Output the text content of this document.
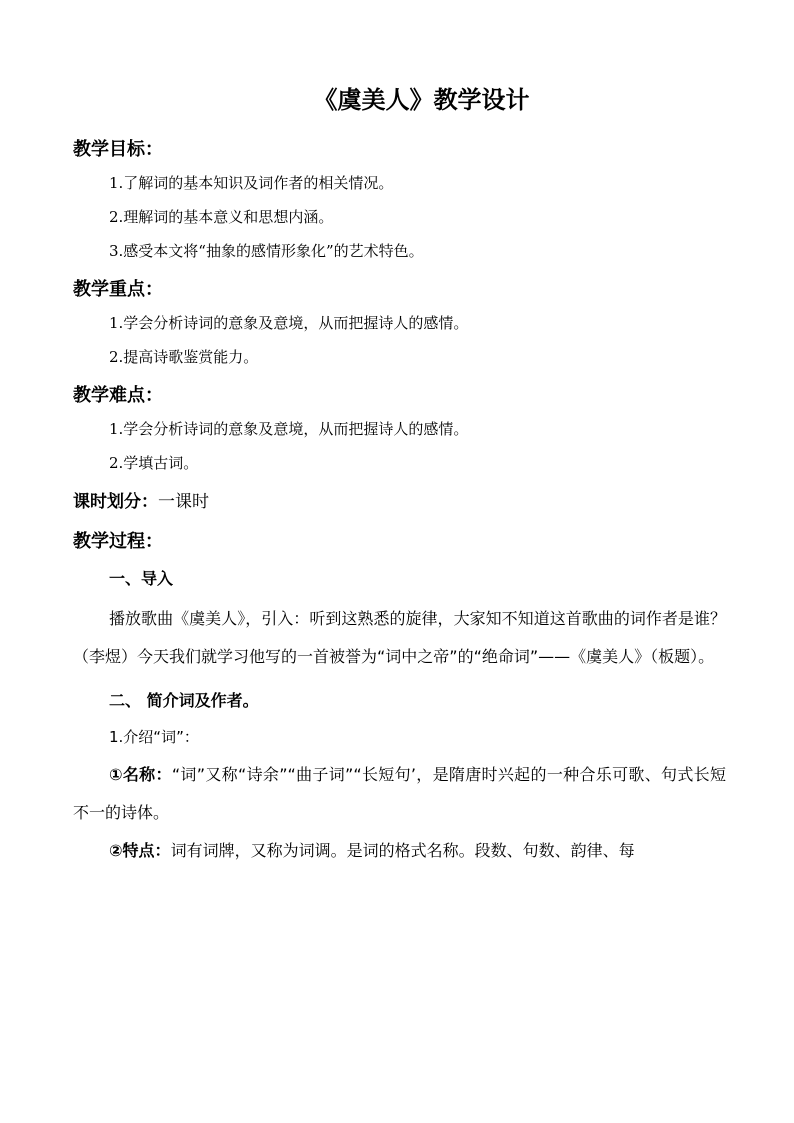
《虞美人》教学设计
教学目标：
1.了解词的基本知识及词作者的相关情况。
2.理解词的基本意义和思想内涵。
3.感受本文将“抽象的感情形象化”的艺术特色。
教学重点：
1.学会分析诗词的意象及意境，从而把握诗人的感情。
2.提高诗歌鉴赏能力。
教学难点：
1.学会分析诗词的意象及意境，从而把握诗人的感情。
2.学填古词。
课时划分：一课时
教学过程：
一、导入

播放歌曲《虞美人》，引入：听到这熟悉的旋律，大家知不知道这首歌曲的词作者是谁？（李煜）今天我们就学习他写的一首被誉为“词中之帝”的“绝命词”——《虞美人》（板题）。

二、 简介词及作者。
1.介绍“词”：

①名称：“词”又称“诗余”“曲子词”“长短句’，是隋唐时兴起的一种合乐可歌、句式长短不一的诗体。

②特点：词有词牌，又称为词调。是词的格式名称。段数、句数、韵律、每
